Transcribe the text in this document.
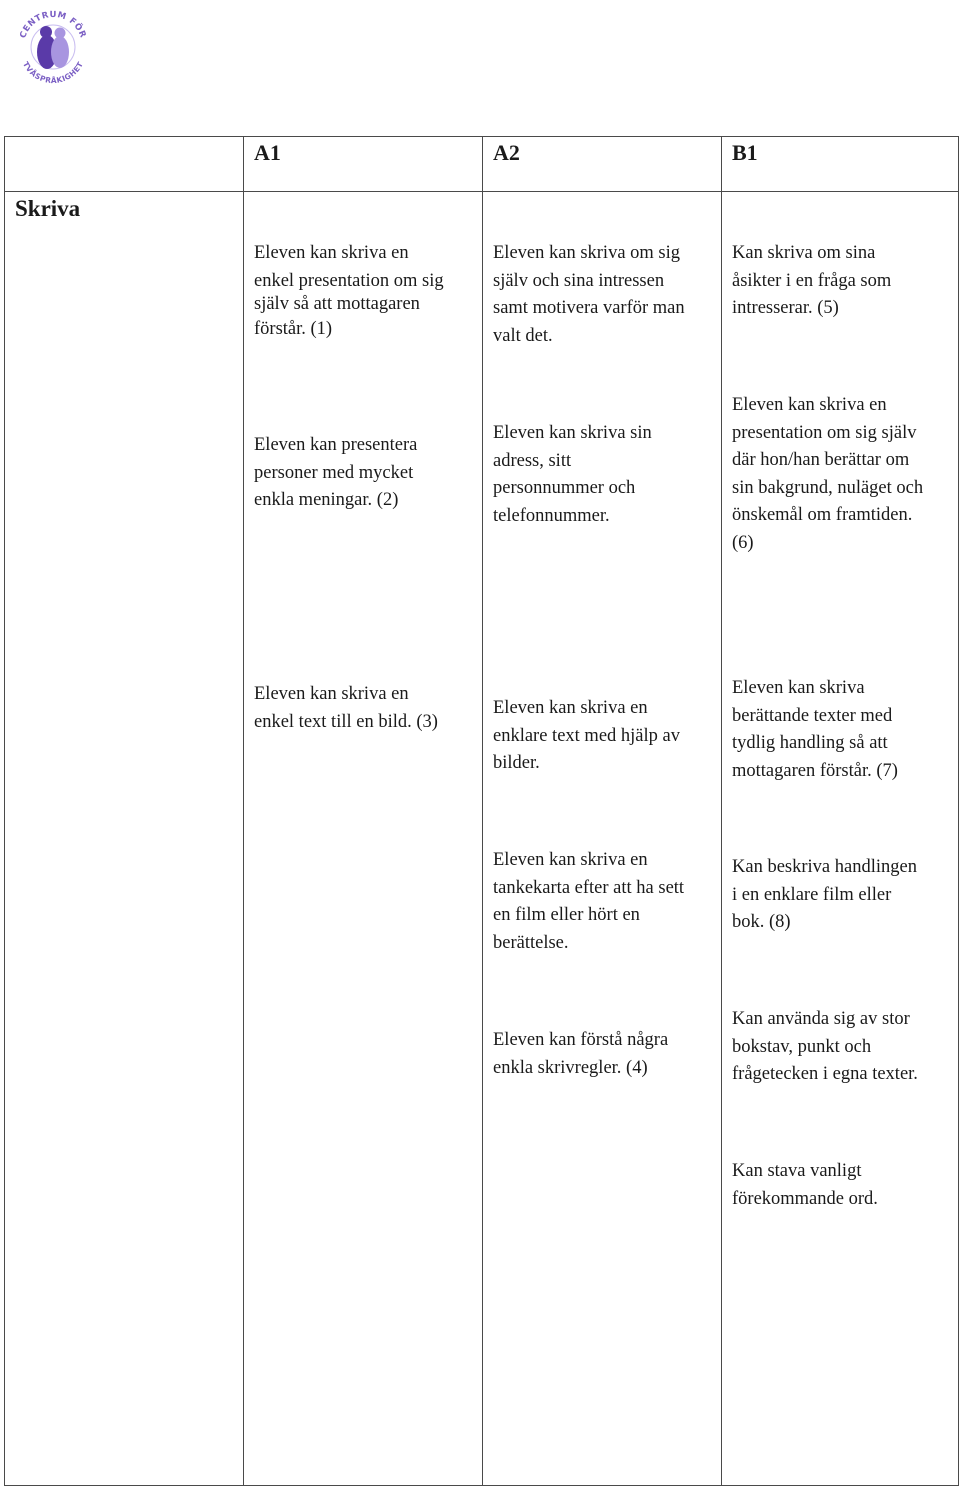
CENTRUM FÖR
TVÅSPRÅKIGHET
A1	A2	B1
Skriva
Eleven kan skriva en
enkel presentation om sig
själv så att mottagaren
förstår. (1)
Eleven kan presentera
personer med mycket
enkla meningar. (2)
Eleven kan skriva en
enkel text till en bild. (3)
Eleven kan skriva om sig
själv och sina intressen
samt motivera varför man
valt det.
Eleven kan skriva sin
adress, sitt
personnummer och
telefonnummer.
Eleven kan skriva en
enklare text med hjälp av
bilder.
Eleven kan skriva en
tankekarta efter att ha sett
en film eller hört en
berättelse.
Eleven kan förstå några
enkla skrivregler. (4)
Kan skriva om sina
åsikter i en fråga som
intresserar. (5)
Eleven kan skriva en
presentation om sig själv
där hon/han berättar om
sin bakgrund, nuläget och
önskemål om framtiden.
(6)
Eleven kan skriva
berättande texter med
tydlig handling så att
mottagaren förstår. (7)
Kan beskriva handlingen
i en enklare film eller
bok. (8)
Kan använda sig av stor
bokstav, punkt och
frågetecken i egna texter.
Kan stava vanligt
förekommande ord.
